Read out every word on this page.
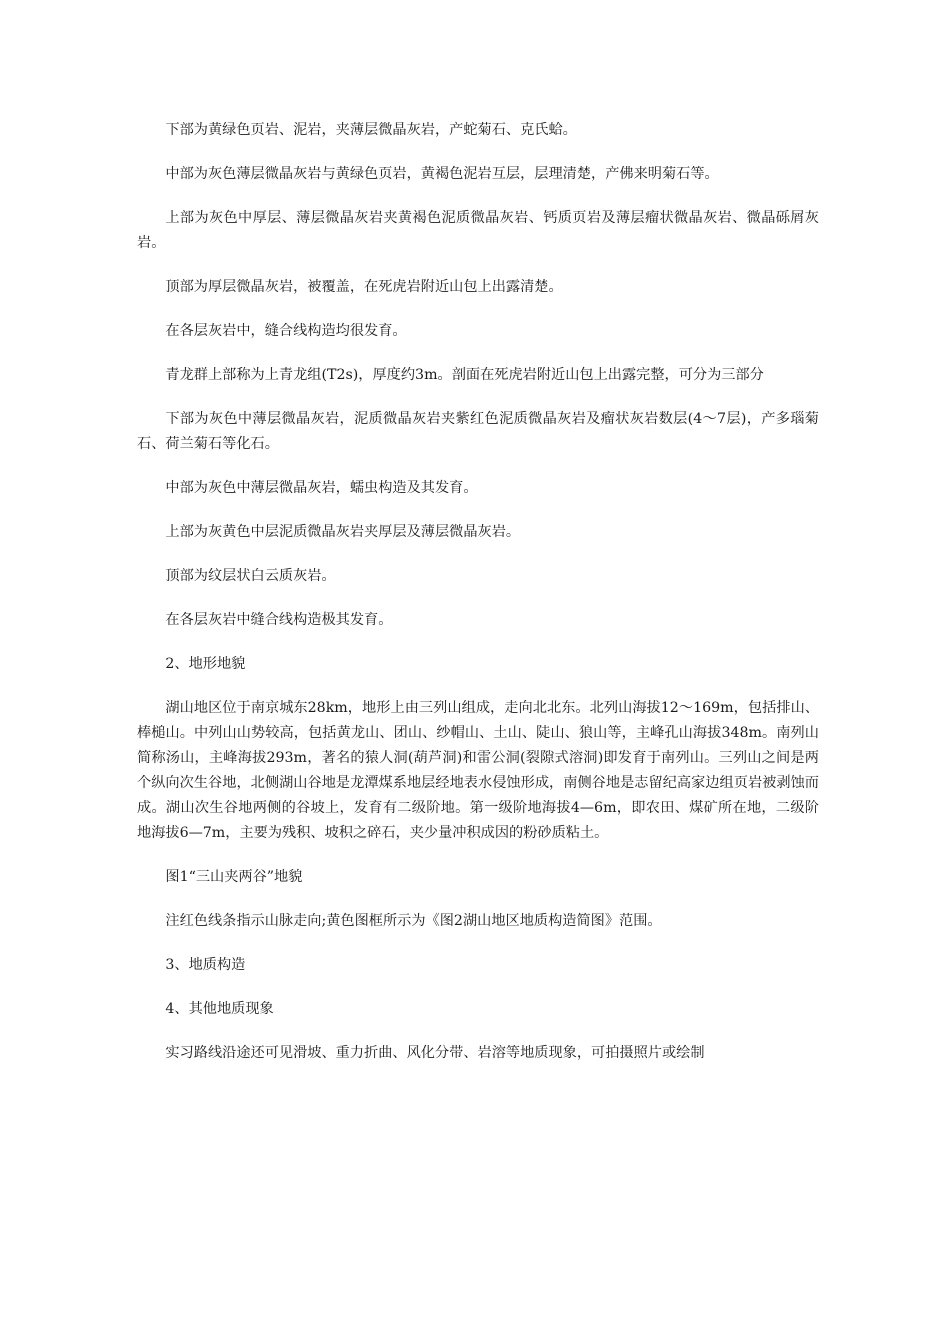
下部为黄绿色页岩、泥岩，夹薄层微晶灰岩，产蛇菊石、克氏蛤。

中部为灰色薄层微晶灰岩与黄绿色页岩，黄褐色泥岩互层，层理清楚，产佛来明菊石等。

上部为灰色中厚层、薄层微晶灰岩夹黄褐色泥质微晶灰岩、钙质页岩及薄层瘤状微晶灰岩、微晶砾屑灰岩。

顶部为厚层微晶灰岩，被覆盖，在死虎岩附近山包上出露清楚。

在各层灰岩中，缝合线构造均很发育。

青龙群上部称为上青龙组(T2s)，厚度约3m。剖面在死虎岩附近山包上出露完整，可分为三部分

下部为灰色中薄层微晶灰岩，泥质微晶灰岩夹紫红色泥质微晶灰岩及瘤状灰岩数层(4～7层)，产多瑙菊石、荷兰菊石等化石。

中部为灰色中薄层微晶灰岩，蠕虫构造及其发育。

上部为灰黄色中层泥质微晶灰岩夹厚层及薄层微晶灰岩。

顶部为纹层状白云质灰岩。

在各层灰岩中缝合线构造极其发育。

2、地形地貌

湖山地区位于南京城东28km，地形上由三列山组成，走向北北东。北列山海拔12～169m，包括排山、棒槌山。中列山山势较高，包括黄龙山、团山、纱帽山、土山、陡山、狼山等，主峰孔山海拔348m。南列山简称汤山，主峰海拔293m，著名的猿人洞(葫芦洞)和雷公洞(裂隙式溶洞)即发育于南列山。三列山之间是两个纵向次生谷地，北侧湖山谷地是龙潭煤系地层经地表水侵蚀形成，南侧谷地是志留纪高家边组页岩被剥蚀而成。湖山次生谷地两侧的谷坡上，发育有二级阶地。第一级阶地海拔4—6m，即农田、煤矿所在地，二级阶地海拔6—7m，主要为残积、坡积之碎石，夹少量冲积成因的粉砂质粘土。

图1“三山夹两谷”地貌

注红色线条指示山脉走向;黄色图框所示为《图2湖山地区地质构造简图》范围。

3、地质构造

4、其他地质现象

实习路线沿途还可见滑坡、重力折曲、风化分带、岩溶等地质现象，可拍摄照片或绘制
